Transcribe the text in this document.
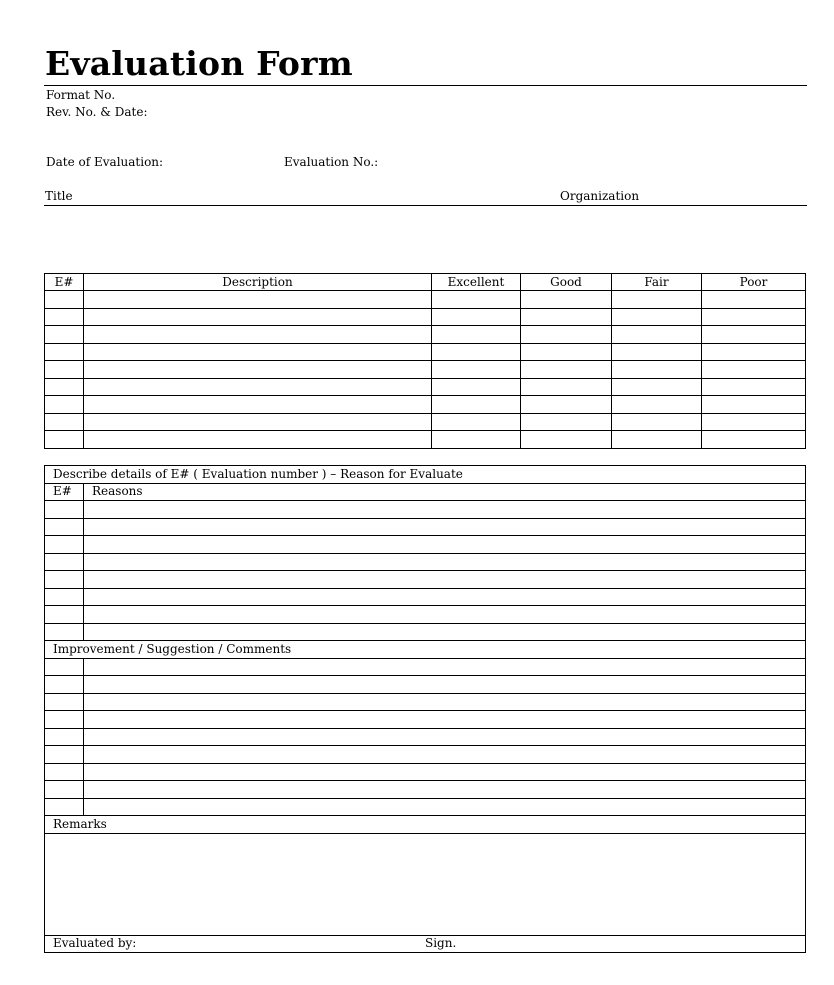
Evaluation Form
Format No.
Rev. No. & Date:
Date of Evaluation:	Evaluation No.:
Title	Organization
E#	Description	Excellent	Good	Fair	Poor

Describe details of E# ( Evaluation number ) – Reason for Evaluate	
E#	Reasons

Improvement / Suggestion / Comments	

Remarks	

Evaluated by: Sign.	
